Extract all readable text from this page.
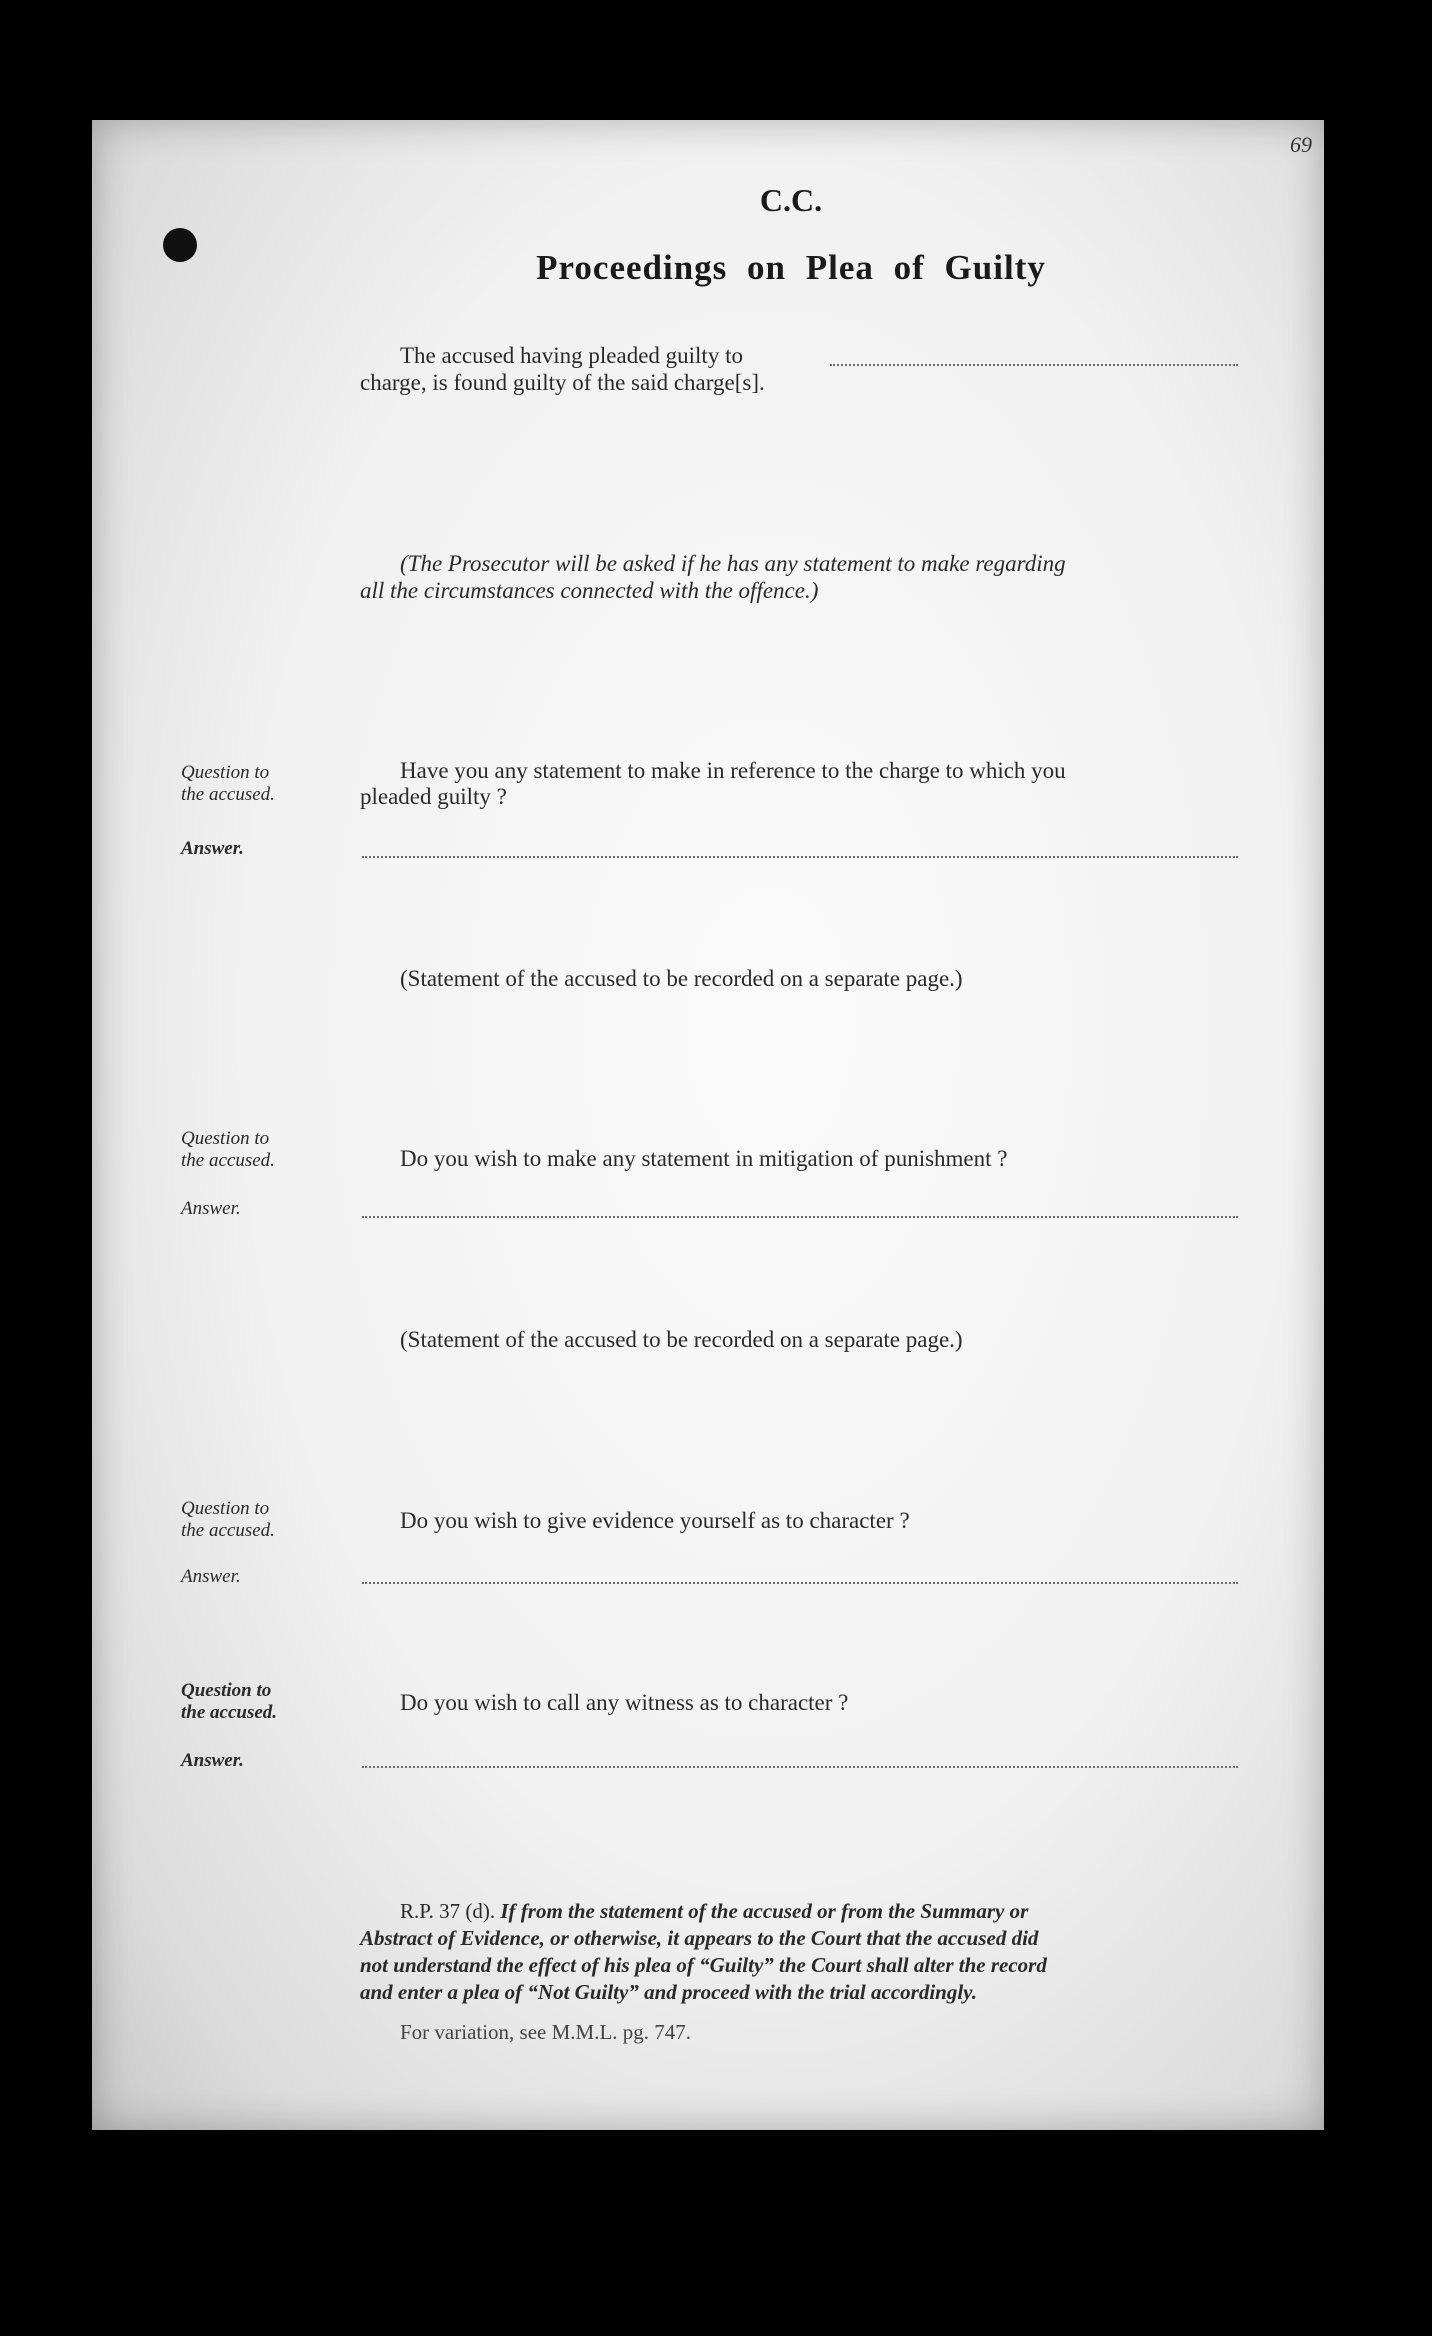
69
C.C.
Proceedings on Plea of Guilty
The accused having pleaded guilty to
charge, is found guilty of the said charge[s].
(The Prosecutor will be asked if he has any statement to make regarding
all the circumstances connected with the offence.)
Question to
the accused.
Have you any statement to make in reference to the charge to which you
pleaded guilty ?
Answer.
(Statement of the accused to be recorded on a separate page.)
Question to
the accused.	Do you wish to make any statement in mitigation of punishment ?
Answer.
(Statement of the accused to be recorded on a separate page.)
Question to
the accused.	Do you wish to give evidence yourself as to character ?
Answer.
Question to
the accused.	Do you wish to call any witness as to character ?
Answer.
R.P. 37 (d). If from the statement of the accused or from the Summary or
Abstract of Evidence, or otherwise, it appears to the Court that the accused did
not understand the effect of his plea of “Guilty” the Court shall alter the record
and enter a plea of “Not Guilty” and proceed with the trial accordingly.
For variation, see M.M.L. pg. 747.
